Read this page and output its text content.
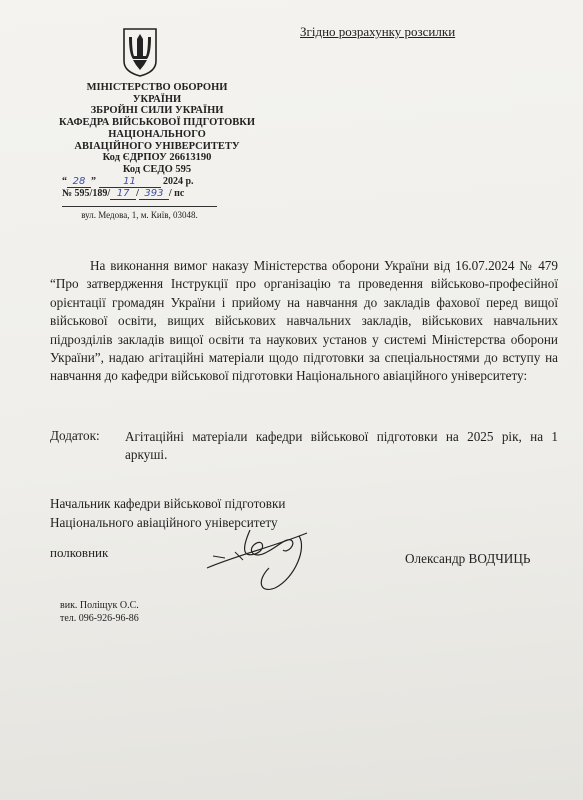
Згідно розрахунку розсилки
МІНІСТЕРСТВО ОБОРОНИ
УКРАЇНИ
ЗБРОЙНІ СИЛИ УКРАЇНИ
КАФЕДРА ВІЙСЬКОВОЇ ПІДГОТОВКИ
НАЦІОНАЛЬНОГО
АВІАЦІЙНОГО УНІВЕРСИТЕТУ
Код ЄДРПОУ 26613190
Код СЕДО 595
“ 28 ”	11	2024 р.
№ 595/189/ 17 / 393 / пс
вул. Медова, 1, м. Київ, 03048.

На виконання вимог наказу Міністерства оборони України від 16.07.2024 № 479 “Про затвердження Інструкції про організацію та проведення військово-професійної орієнтації громадян України і прийому на навчання до закладів фахової перед вищої військової освіти, вищих військових навчальних закладів, військових навчальних підрозділів закладів вищої освіти та наукових установ у системі Міністерства оборони України”, надаю агітаційні матеріали щодо підготовки за спеціальностями до вступу на навчання до кафедри військової підготовки Національного авіаційного університету:

Додаток: Агітаційні матеріали кафедри військової підготовки на 2025 рік, на 1 аркуші.

Начальник кафедри військової підготовки
Національного авіаційного університету
полковник	Олександр ВОДЧИЦЬ
вик. Поліщук О.С.
тел. 096-926-96-86
